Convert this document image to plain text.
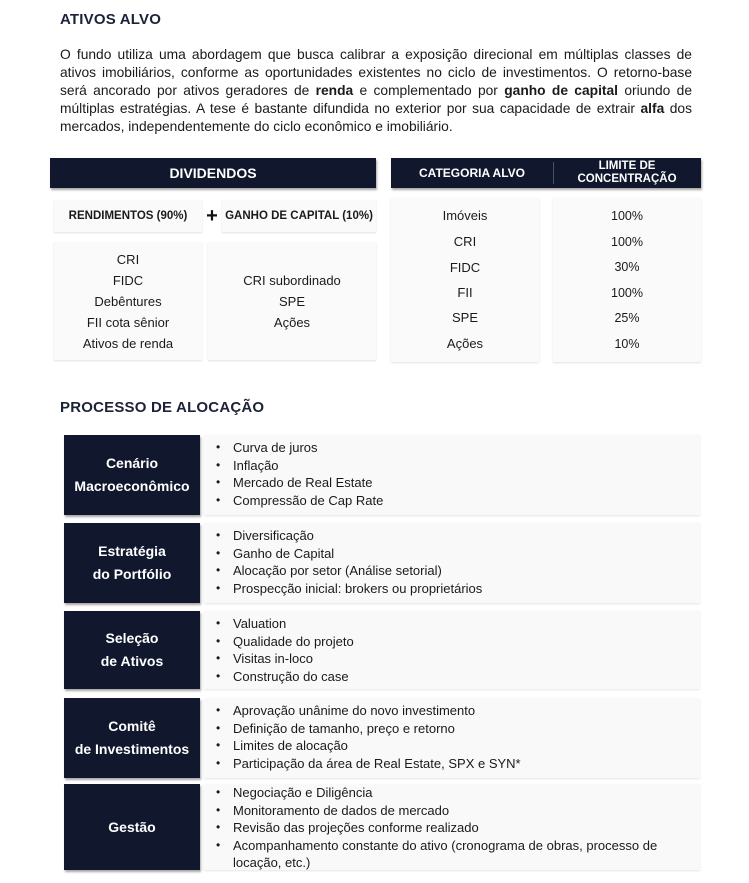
ATIVOS ALVO

O fundo utiliza uma abordagem que busca calibrar a exposição direcional em múltiplas classes de ativos imobiliários, conforme as oportunidades existentes no ciclo de investimentos. O retorno-base será ancorado por ativos geradores de renda e complementado por ganho de capital oriundo de múltiplas estratégias. A tese é bastante difundida no exterior por sua capacidade de extrair alfa dos mercados, independentemente do ciclo econômico e imobiliário.

DIVIDENDOS
RENDIMENTOS (90%) + GANHO DE CAPITAL (10%)
CRI
FIDC
Debêntures
FII cota sênior
Ativos de renda
CRI subordinado
SPE
Ações
CATEGORIA ALVO	LIMITE DE CONCENTRAÇÃO
Imóveis
CRI
FIDC
FII
SPE
Ações
100%
100%
30%
100%
25%
10%
PROCESSO DE ALOCAÇÃO
Cenário
Macroeconômico
• Curva de juros
• Inflação
• Mercado de Real Estate
• Compressão de Cap Rate
Estratégia
do Portfólio
• Diversificação
• Ganho de Capital
• Alocação por setor (Análise setorial)
• Prospecção inicial: brokers ou proprietários
Seleção
de Ativos
• Valuation
• Qualidade do projeto
• Visitas in-loco
• Construção do case
Comitê
de Investimentos
• Aprovação unânime do novo investimento
• Definição de tamanho, preço e retorno
• Limites de alocação
• Participação da área de Real Estate, SPX e SYN*
Gestão
• Negociação e Diligência
• Monitoramento de dados de mercado
• Revisão das projeções conforme realizado
• Acompanhamento constante do ativo (cronograma de obras, processo de locação, etc.)
